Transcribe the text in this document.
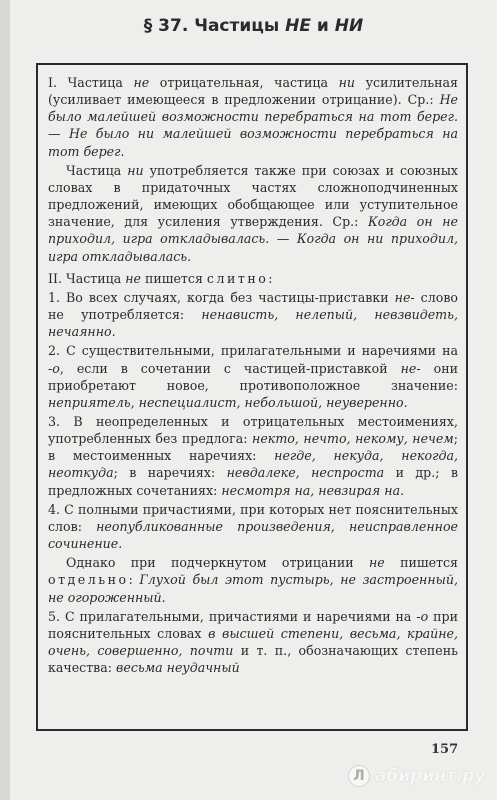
§ 37. Частицы НЕ и НИ

I. Частица не отрицательная, частица ни усилительная (усиливает имеющееся в предложении отрицание). Ср.: Не было малейшей возможности перебраться на тот берег. — Не было ни малейшей возможности перебраться на тот берег.

Частица ни употребляется также при союзах и союзных словах в придаточных частях сложноподчиненных предложений, имеющих обобщающее или уступительное значение, для усиления утверждения. Ср.: Когда он не приходил, игра откладывалась. — Когда он ни приходил, игра откладывалась.

II. Частица не пишется слитно:

1. Во всех случаях, когда без частицы-приставки не- слово не употребляется: ненависть, нелепый, невзвидеть, нечаянно.

2. С существительными, прилагательными и наречиями на -о, если в сочетании с частицей-приставкой не- они приобретают новое, противоположное значение: неприятель, неспециалист, небольшой, неуверенно.

3. В неопределенных и отрицательных местоимениях, употребленных без предлога: некто, нечто, некому, нечем; в местоименных наречиях: негде, некуда, некогда, неоткуда; в наречиях: невдалеке, неспроста и др.; в предложных сочетаниях: несмотря на, невзирая на.

4. С полными причастиями, при которых нет пояснительных слов: неопубликованные произведения, неисправленное сочинение.

Однако при подчеркнутом отрицании не пишется отдельно: Глухой был этот пустырь, не застроенный, не огороженный.

5. С прилагательными, причастиями и наречиями на -о при пояснительных словах в высшей степени, весьма, крайне, очень, совершенно, почти и т. п., обозначающих степень качества: весьма неудачный

157
Л абиринт.ру
